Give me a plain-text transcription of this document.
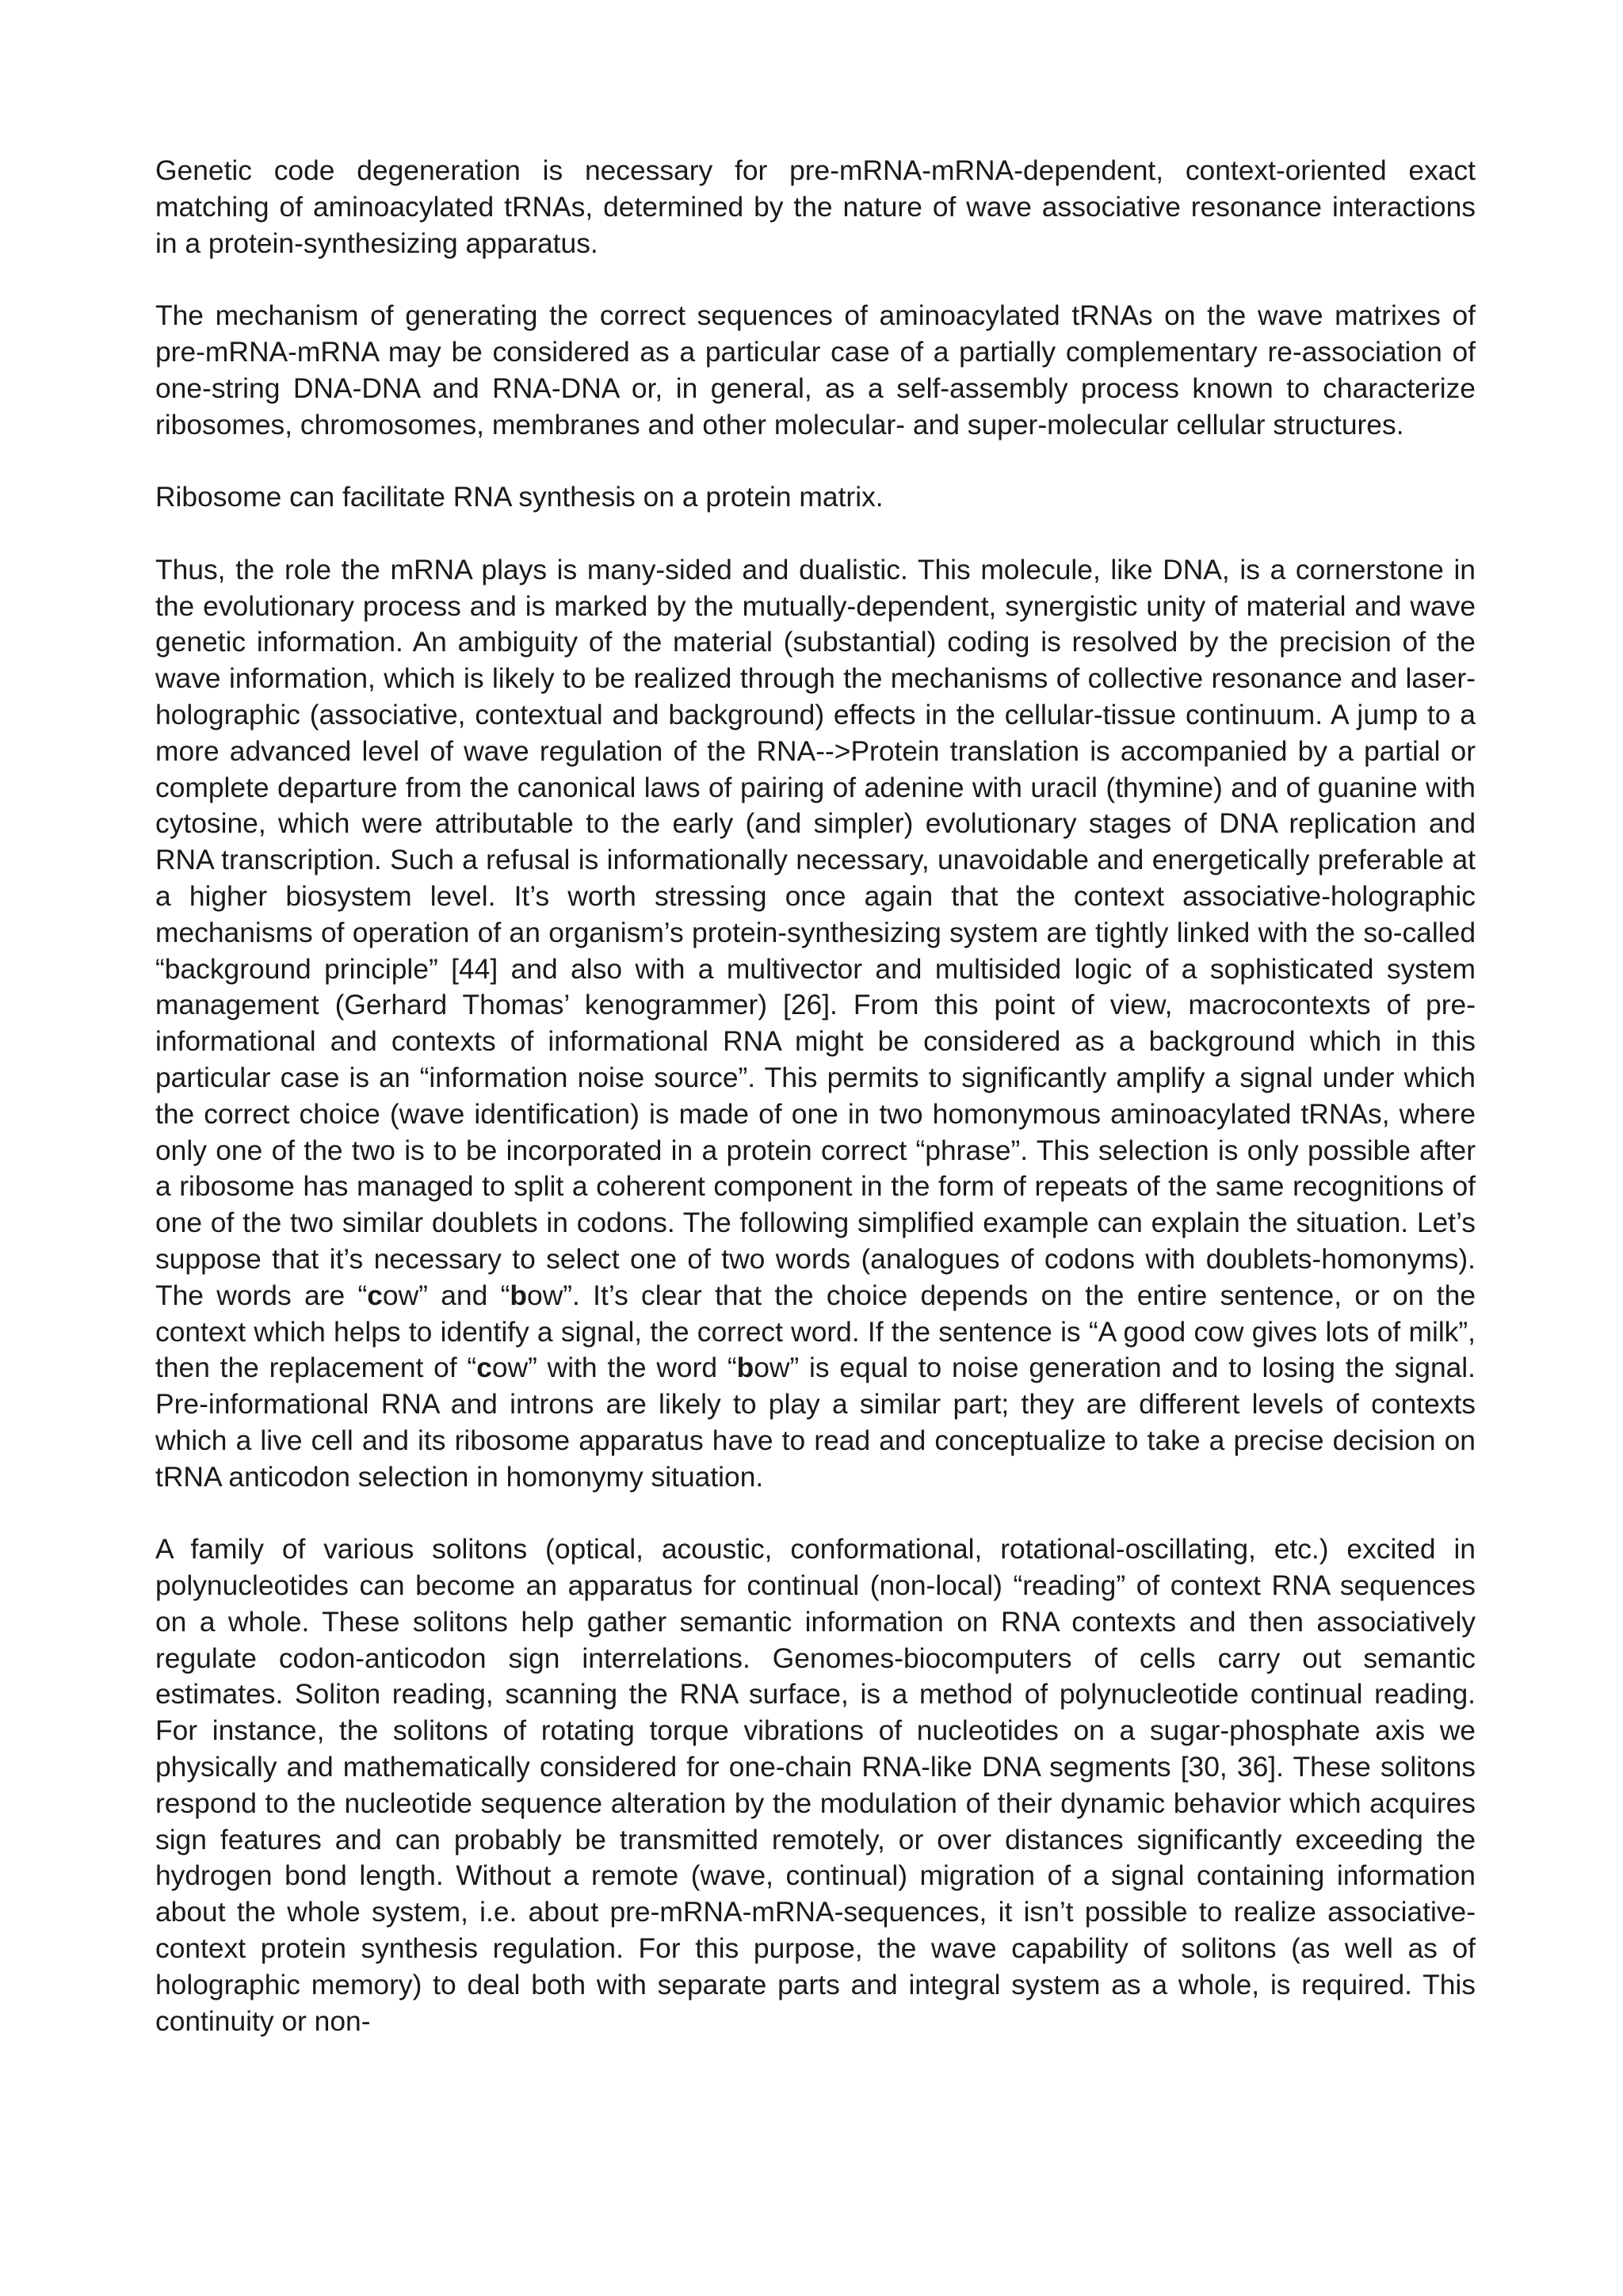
Genetic code degeneration is necessary for pre-mRNA-mRNA-dependent, context-oriented exact matching of aminoacylated tRNAs, determined by the nature of wave associative resonance interactions in a protein-synthesizing apparatus.

The mechanism of generating the correct sequences of aminoacylated tRNAs on the wave matrixes of pre-mRNA-mRNA may be considered as a particular case of a partially complementary re-association of one-string DNA-DNA and RNA-DNA or, in general, as a self-assembly process known to characterize ribosomes, chromosomes, membranes and other molecular- and super-molecular cellular structures.

Ribosome can facilitate RNA synthesis on a protein matrix.

Thus, the role the mRNA plays is many-sided and dualistic. This molecule, like DNA, is a cornerstone in the evolutionary process and is marked by the mutually-dependent, synergistic unity of material and wave genetic information. An ambiguity of the material (substantial) coding is resolved by the precision of the wave information, which is likely to be realized through the mechanisms of collective resonance and laser-holographic (associative, contextual and background) effects in the cellular-tissue continuum. A jump to a more advanced level of wave regulation of the RNA-->Protein translation is accompanied by a partial or complete departure from the canonical laws of pairing of adenine with uracil (thymine) and of guanine with cytosine, which were attributable to the early (and simpler) evolutionary stages of DNA replication and RNA transcription. Such a refusal is informationally necessary, unavoidable and energetically preferable at a higher biosystem level. It’s worth stressing once again that the context associative-holographic mechanisms of operation of an organism’s protein-synthesizing system are tightly linked with the so-called “background principle” [44] and also with a multivector and multisided logic of a sophisticated system management (Gerhard Thomas’ kenogrammer) [26]. From this point of view, macrocontexts of pre-informational and contexts of informational RNA might be considered as a background which in this particular case is an “information noise source”. This permits to significantly amplify a signal under which the correct choice (wave identification) is made of one in two homonymous aminoacylated tRNAs, where only one of the two is to be incorporated in a protein correct “phrase”. This selection is only possible after a ribosome has managed to split a coherent component in the form of repeats of the same recognitions of one of the two similar doublets in codons. The following simplified example can explain the situation. Let’s suppose that it’s necessary to select one of two words (analogues of codons with doublets-homonyms). The words are “cow” and “bow”. It’s clear that the choice depends on the entire sentence, or on the context which helps to identify a signal, the correct word. If the sentence is “A good cow gives lots of milk”, then the replacement of “cow” with the word “bow” is equal to noise generation and to losing the signal. Pre-informational RNA and introns are likely to play a similar part; they are different levels of contexts which a live cell and its ribosome apparatus have to read and conceptualize to take a precise decision on tRNA anticodon selection in homonymy situation.

A family of various solitons (optical, acoustic, conformational, rotational-oscillating, etc.) excited in polynucleotides can become an apparatus for continual (non-local) “reading” of context RNA sequences on a whole. These solitons help gather semantic information on RNA contexts and then associatively regulate codon-anticodon sign interrelations. Genomes-biocomputers of cells carry out semantic estimates. Soliton reading, scanning the RNA surface, is a method of polynucleotide continual reading. For instance, the solitons of rotating torque vibrations of nucleotides on a sugar-phosphate axis we physically and mathematically considered for one-chain RNA-like DNA segments [30, 36]. These solitons respond to the nucleotide sequence alteration by the modulation of their dynamic behavior which acquires sign features and can probably be transmitted remotely, or over distances significantly exceeding the hydrogen bond length. Without a remote (wave, continual) migration of a signal containing information about the whole system, i.e. about pre-mRNA-mRNA-sequences, it isn’t possible to realize associative-context protein synthesis regulation. For this purpose, the wave capability of solitons (as well as of holographic memory) to deal both with separate parts and integral system as a whole, is required. This continuity or non-
